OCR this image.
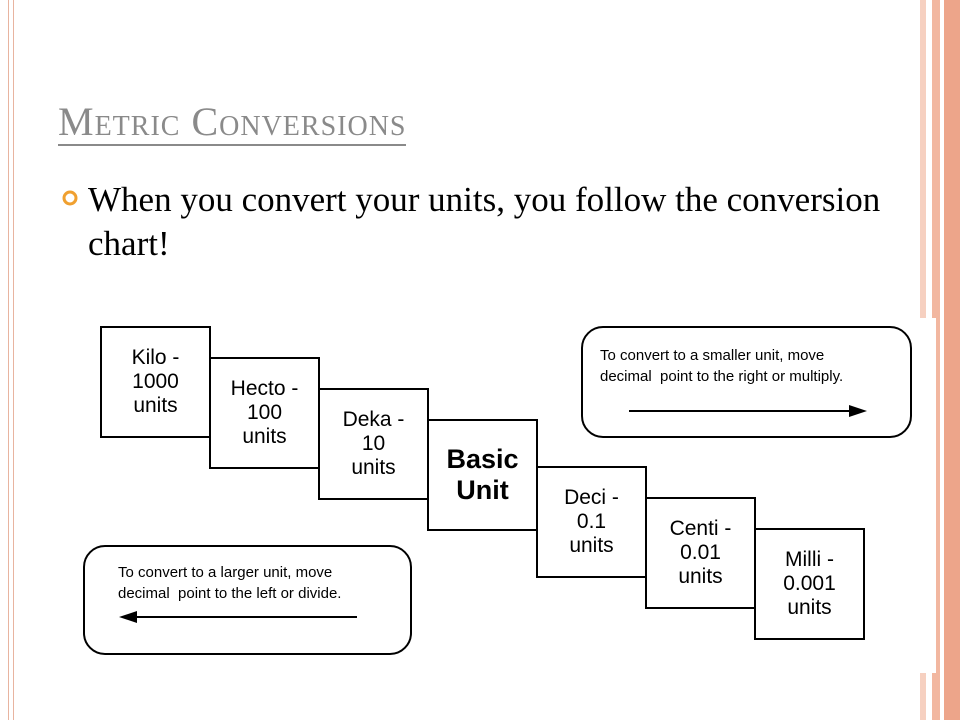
Metric Conversions

When you convert your units, you follow the conversion chart!

Kilo -
1000
units
Hecto -
100
units
Deka -
10
units Basic
Unit	Deci -
0.1
units
Centi -
0.01
units
Milli -
0.001
units
To convert to a smaller unit, move
decimal  point to the right or multiply.
To convert to a larger unit, move
decimal  point to the left or divide.
